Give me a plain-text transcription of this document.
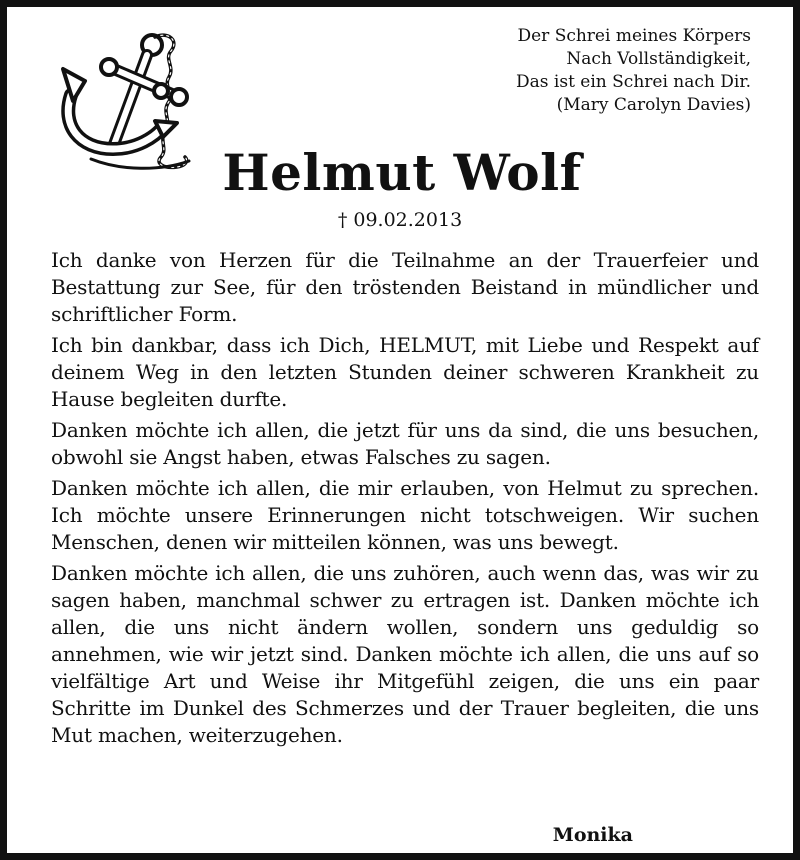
Der Schrei meines Körpers
Nach Vollständigkeit,
Das ist ein Schrei nach Dir.
(Mary Carolyn Davies)
Helmut Wolf
† 09.02.2013

Ich danke von Herzen für die Teilnahme an der Trauerfeier und Bestattung zur See, für den tröstenden Beistand in mündlicher und schriftlicher Form.

Ich bin dankbar, dass ich Dich, HELMUT, mit Liebe und Respekt auf deinem Weg in den letzten Stunden deiner schweren Krankheit zu Hause begleiten durfte.

Danken möchte ich allen, die jetzt für uns da sind, die uns besuchen, obwohl sie Angst haben, etwas Falsches zu sagen.

Danken möchte ich allen, die mir erlauben, von Helmut zu sprechen. Ich möchte unsere Erinnerungen nicht totschweigen. Wir suchen Menschen, denen wir mitteilen können, was uns bewegt.

Danken möchte ich allen, die uns zuhören, auch wenn das, was wir zu sagen haben, manchmal schwer zu ertragen ist. Danken möchte ich allen, die uns nicht ändern wollen, sondern uns geduldig so annehmen, wie wir jetzt sind. Danken möchte ich allen, die uns auf so vielfältige Art und Weise ihr Mitgefühl zeigen, die uns ein paar Schritte im Dunkel des Schmerzes und der Trauer begleiten, die uns Mut machen, weiterzugehen.

Monika
